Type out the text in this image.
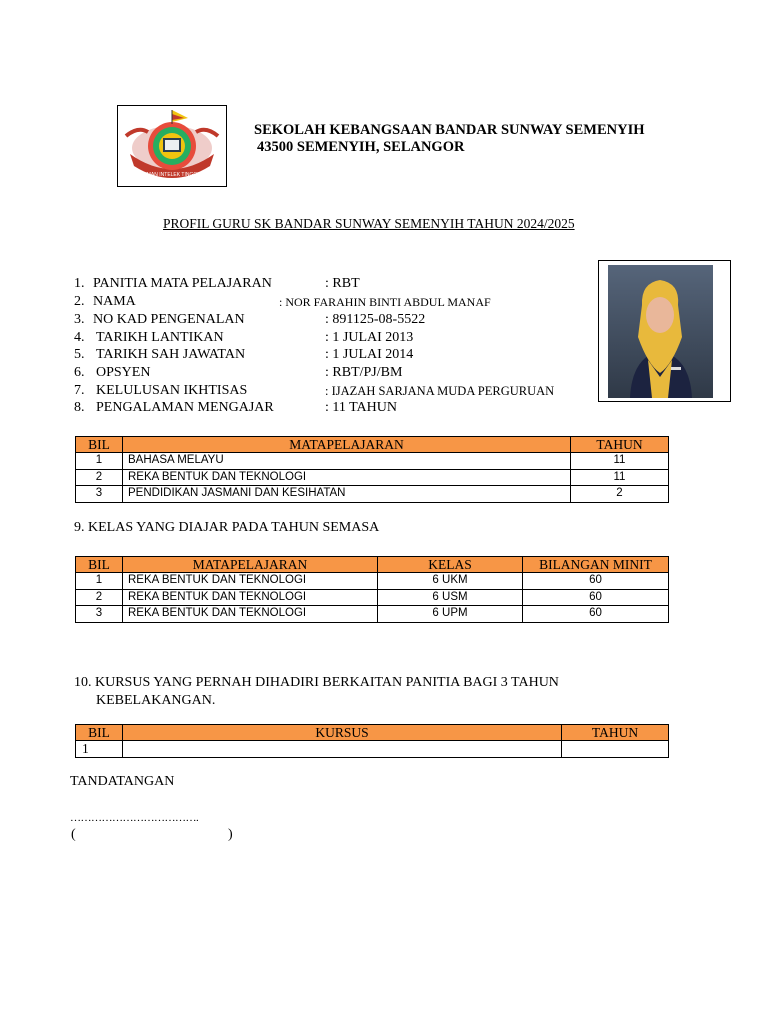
IMAN INTELEK TINGGI
SEKOLAH KEBANGSAAN BANDAR SUNWAY SEMENYIH
43500 SEMENYIH, SELANGOR
PROFIL GURU SK BANDAR SUNWAY SEMENYIH TAHUN 2024/2025
1. PANITIA MATA PELAJARAN	: RBT
2. NAMA	: NOR FARAHIN BINTI ABDUL MANAF
3. NO KAD PENGENALAN	: 891125-08-5522
4. TARIKH LANTIKAN	: 1 JULAI 2013
5. TARIKH SAH JAWATAN	: 1 JULAI 2014
6. OPSYEN	: RBT/PJ/BM
7. KELULUSAN IKHTISAS	: IJAZAH SARJANA MUDA PERGURUAN
8. PENGALAMAN MENGAJAR	: 11 TAHUN
BIL	MATAPELAJARAN	TAHUN
1	BAHASA MELAYU	11
2	REKA BENTUK DAN TEKNOLOGI	11
3	PENDIDIKAN JASMANI DAN KESIHATAN	2
9. KELAS YANG DIAJAR PADA TAHUN SEMASA
BIL	MATAPELAJARAN	KELAS	BILANGAN MINIT
1	REKA BENTUK DAN TEKNOLOGI	6 UKM	60
2	REKA BENTUK DAN TEKNOLOGI	6 USM	60
3	REKA BENTUK DAN TEKNOLOGI	6 UPM	60
10. KURSUS YANG PERNAH DIHADIRI BERKAITAN PANITIA BAGI 3 TAHUN
KEBELAKANGAN.
BIL	KURSUS	TAHUN
1		
TANDATANGAN
……………………………….
(	)
